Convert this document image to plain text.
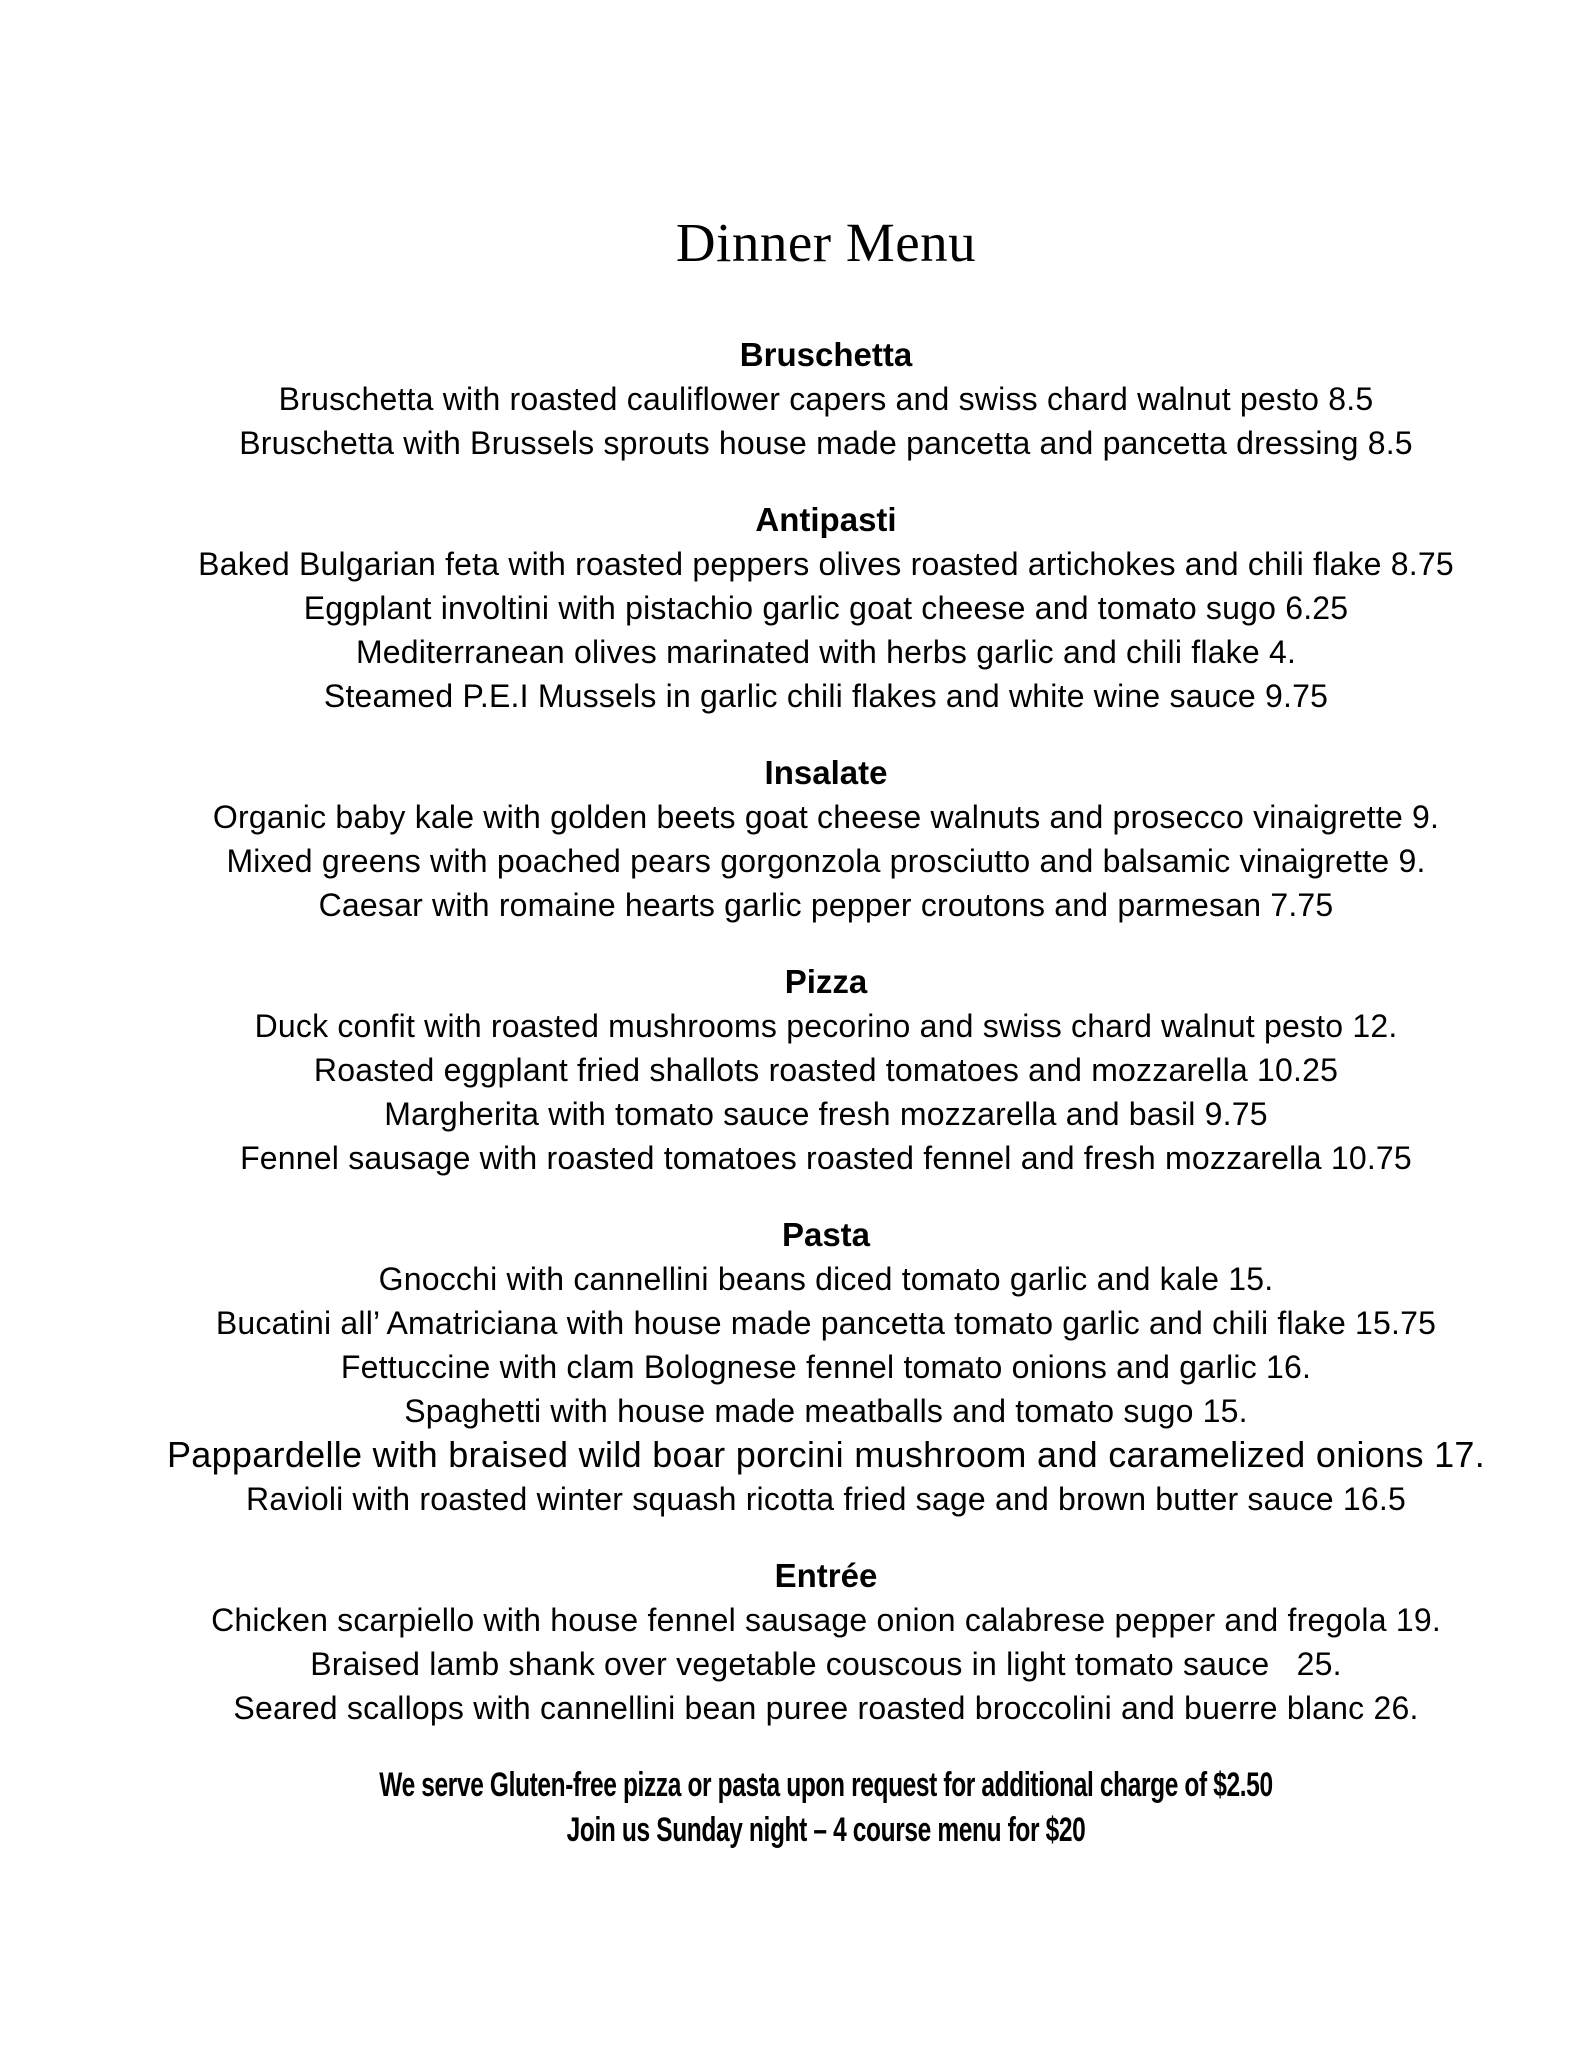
Dinner Menu
Bruschetta
Bruschetta with roasted cauliflower capers and swiss chard walnut pesto 8.5
Bruschetta with Brussels sprouts house made pancetta and pancetta dressing 8.5
Antipasti
Baked Bulgarian feta with roasted peppers olives roasted artichokes and chili flake 8.75
Eggplant involtini with pistachio garlic goat cheese and tomato sugo 6.25
Mediterranean olives marinated with herbs garlic and chili flake 4.
Steamed P.E.I Mussels in garlic chili flakes and white wine sauce 9.75
Insalate
Organic baby kale with golden beets goat cheese walnuts and prosecco vinaigrette 9.
Mixed greens with poached pears gorgonzola prosciutto and balsamic vinaigrette 9.
Caesar with romaine hearts garlic pepper croutons and parmesan 7.75
Pizza
Duck confit with roasted mushrooms pecorino and swiss chard walnut pesto 12.
Roasted eggplant fried shallots roasted tomatoes and mozzarella 10.25
Margherita with tomato sauce fresh mozzarella and basil 9.75
Fennel sausage with roasted tomatoes roasted fennel and fresh mozzarella 10.75
Pasta
Gnocchi with cannellini beans diced tomato garlic and kale 15.
Bucatini all’ Amatriciana with house made pancetta tomato garlic and chili flake 15.75
Fettuccine with clam Bolognese fennel tomato onions and garlic 16.
Spaghetti with house made meatballs and tomato sugo 15.
Pappardelle with braised wild boar porcini mushroom and caramelized onions 17.
Ravioli with roasted winter squash ricotta fried sage and brown butter sauce 16.5
Entrée
Chicken scarpiello with house fennel sausage onion calabrese pepper and fregola 19.
Braised lamb shank over vegetable couscous in light tomato sauce   25.
Seared scallops with cannellini bean puree roasted broccolini and buerre blanc 26.
We serve Gluten-free pizza or pasta upon request for additional charge of $2.50
Join us Sunday night – 4 course menu for $20
